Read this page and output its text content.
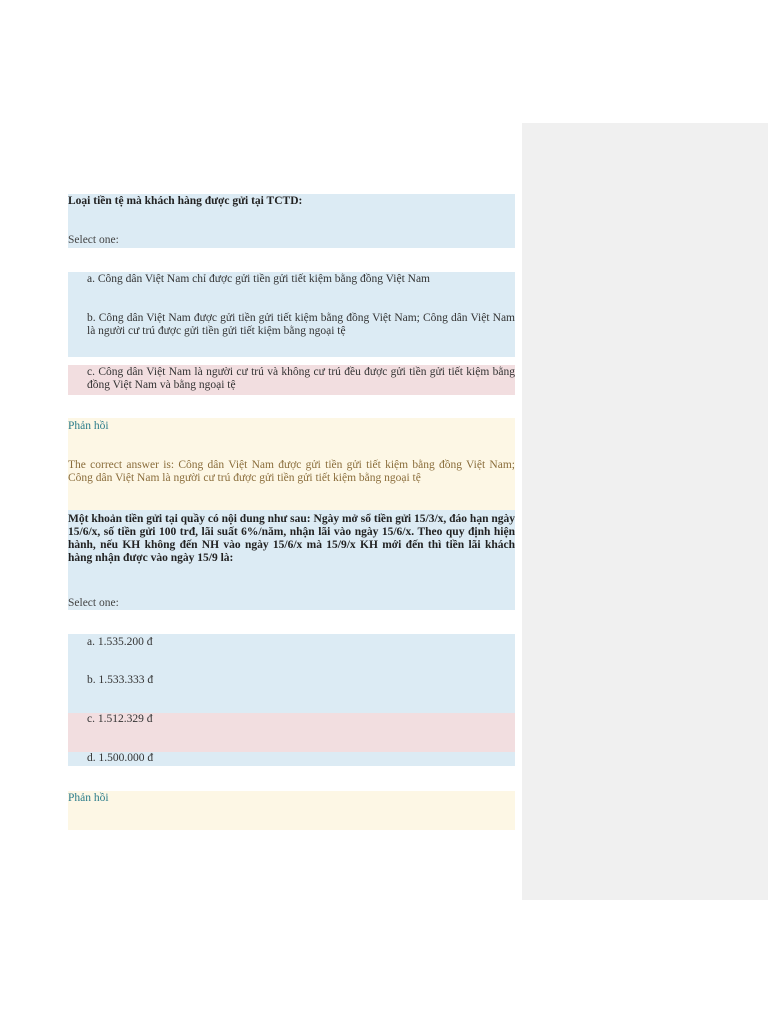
Loại tiền tệ mà khách hàng được gửi tại TCTD:
Select one:
a. Công dân Việt Nam chỉ được gửi tiền gửi tiết kiệm bằng đồng Việt Nam
b. Công dân Việt Nam được gửi tiền gửi tiết kiệm bằng đồng Việt Nam; Công dân Việt Nam là người cư trú được gửi tiền gửi tiết kiệm bằng ngoại tệ
c. Công dân Việt Nam là người cư trú và không cư trú đều được gửi tiền gửi tiết kiệm bằng đồng Việt Nam và bằng ngoại tệ
Phản hồi
The correct answer is: Công dân Việt Nam được gửi tiền gửi tiết kiệm bằng đồng Việt Nam; Công dân Việt Nam là người cư trú được gửi tiền gửi tiết kiệm bằng ngoại tệ
Một khoản tiền gửi tại quầy có nội dung như sau: Ngày mở sổ tiền gửi 15/3/x, đáo hạn ngày 15/6/x, số tiền gửi 100 trđ, lãi suất 6%/năm, nhận lãi vào ngày 15/6/x. Theo quy định hiện hành, nếu KH không đến NH vào ngày 15/6/x mà 15/9/x KH mới đến thì tiền lãi khách hàng nhận được vào ngày 15/9 là:
Select one:
a. 1.535.200 đ
b. 1.533.333 đ
c. 1.512.329 đ
d. 1.500.000 đ
Phản hồi
